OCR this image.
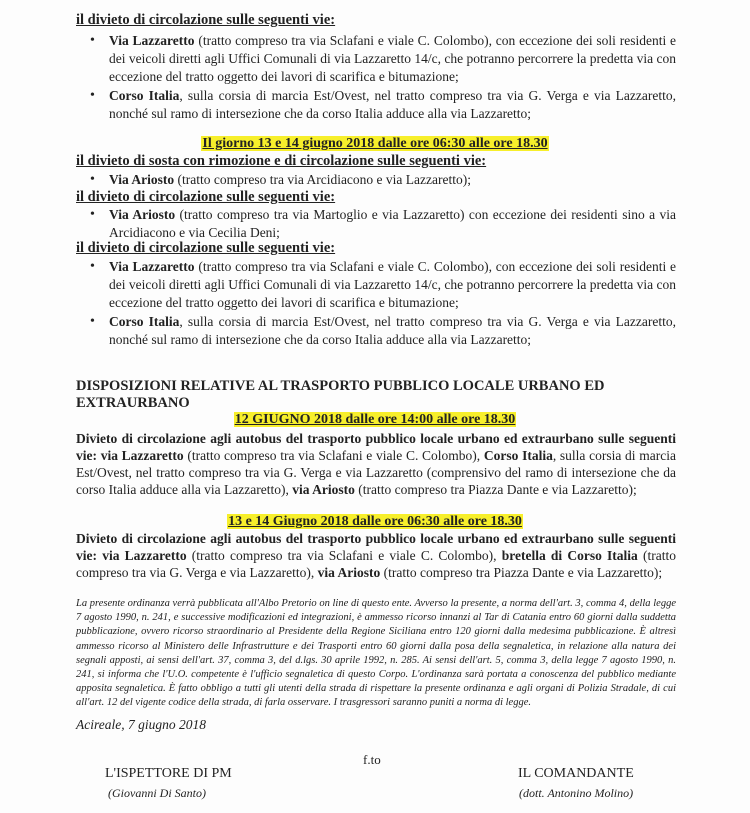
il divieto di circolazione sulle seguenti vie:
• Via Lazzaretto (tratto compreso tra via Sclafani e viale C. Colombo), con eccezione dei soli residenti e dei veicoli diretti agli Uffici Comunali di via Lazzaretto 14/c, che potranno percorrere la predetta via con eccezione del tratto oggetto dei lavori di scarifica e bitumazione;
• Corso Italia, sulla corsia di marcia Est/Ovest, nel tratto compreso tra via G. Verga e via Lazzaretto, nonché sul ramo di intersezione che da corso Italia adduce alla via Lazzaretto;
Il giorno 13 e 14 giugno 2018 dalle ore 06:30 alle ore 18.30
il divieto di sosta con rimozione e di circolazione sulle seguenti vie:
• Via Ariosto (tratto compreso tra via Arcidiacono e via Lazzaretto);
il divieto di circolazione sulle seguenti vie:
• Via Ariosto (tratto compreso tra via Martoglio e via Lazzaretto) con eccezione dei residenti sino a via Arcidiacono e via Cecilia Deni;
il divieto di circolazione sulle seguenti vie:
• Via Lazzaretto (tratto compreso tra via Sclafani e viale C. Colombo), con eccezione dei soli residenti e dei veicoli diretti agli Uffici Comunali di via Lazzaretto 14/c, che potranno percorrere la predetta via con eccezione del tratto oggetto dei lavori di scarifica e bitumazione;
• Corso Italia, sulla corsia di marcia Est/Ovest, nel tratto compreso tra via G. Verga e via Lazzaretto, nonché sul ramo di intersezione che da corso Italia adduce alla via Lazzaretto;
DISPOSIZIONI RELATIVE AL TRASPORTO PUBBLICO LOCALE URBANO ED EXTRAURBANO
12 GIUGNO 2018 dalle ore 14:00 alle ore 18.30
Divieto di circolazione agli autobus del trasporto pubblico locale urbano ed extraurbano sulle seguenti vie: via Lazzaretto (tratto compreso tra via Sclafani e viale C. Colombo), Corso Italia, sulla corsia di marcia Est/Ovest, nel tratto compreso tra via G. Verga e via Lazzaretto (comprensivo del ramo di intersezione che da corso Italia adduce alla via Lazzaretto), via Ariosto (tratto compreso tra Piazza Dante e via Lazzaretto);
13 e 14 Giugno 2018 dalle ore 06:30 alle ore 18.30
Divieto di circolazione agli autobus del trasporto pubblico locale urbano ed extraurbano sulle seguenti vie: via Lazzaretto (tratto compreso tra via Sclafani e viale C. Colombo), bretella di Corso Italia (tratto compreso tra via G. Verga e via Lazzaretto), via Ariosto (tratto compreso tra Piazza Dante e via Lazzaretto);
La presente ordinanza verrà pubblicata all'Albo Pretorio on line di questo ente. Avverso la presente, a norma dell'art. 3, comma 4, della legge 7 agosto 1990, n. 241, e successive modificazioni ed integrazioni, è ammesso ricorso innanzi al Tar di Catania entro 60 giorni dalla suddetta pubblicazione, ovvero ricorso straordinario al Presidente della Regione Siciliana entro 120 giorni dalla medesima pubblicazione. È altresì ammesso ricorso al Ministero delle Infrastrutture e dei Trasporti entro 60 giorni dalla posa della segnaletica, in relazione alla natura dei segnali apposti, ai sensi dell'art. 37, comma 3, del d.lgs. 30 aprile 1992, n. 285. Ai sensi dell'art. 5, comma 3, della legge 7 agosto 1990, n. 241, si informa che l'U.O. competente è l'ufficio segnaletica di questo Corpo. L'ordinanza sarà portata a conoscenza del pubblico mediante apposita segnaletica. È fatto obbligo a tutti gli utenti della strada di rispettare la presente ordinanza e agli organi di Polizia Stradale, di cui all'art. 12 del vigente codice della strada, di farla osservare. I trasgressori saranno puniti a norma di legge.
Acireale, 7 giugno 2018
f.to
L'ISPETTORE DI PM
(Giovanni Di Santo)
IL COMANDANTE
(dott. Antonino Molino)
